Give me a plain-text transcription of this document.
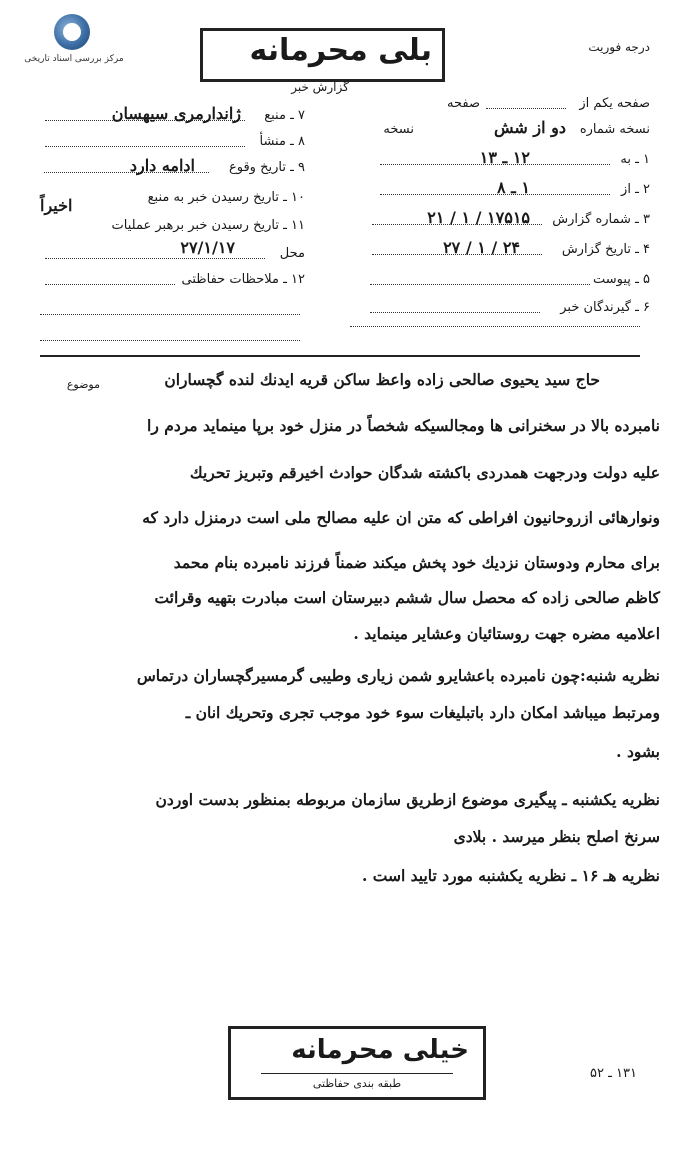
مرکز بررسی اسناد تاریخی	بلی محرمانه
گزارش خبر
درجه فوریت
صفحه یکم از
صفحه
نسخه شماره
دو از شش
نسخه
۱ ـ به
۱۲ ـ ۱۳
۲ ـ از
۱ ـ ۸
۳ ـ شماره گزارش
۱۷۵۱۵ / ۱ / ۲۱
۴ ـ تاریخ گزارش
۲۴ / ۱ / ۲۷
۵ ـ پیوست
۶ ـ گیرندگان خبر
۷ ـ منبع
ژاندارمری سیهسان
۸ ـ منشأ
۹ ـ تاریخ وقوع
ادامه دارد
۱۰ ـ تاریخ رسیدن خبر به منبع
اخیراً
۱۱ ـ تاریخ رسیدن خبر برهبر عملیات
محل
۲۷/۱/۱۷
۱۲ ـ ملاحظات حفاظتی
موضوع	حاج سید یحیوی صالحی زاده واعظ ساکن قریه ایدنك لنده گچساران
نامبرده بالا در سخنرانی ها ومجالسیکه شخصاً در منزل خود برپا مینماید مردم را
علیه دولت ودرجهت همدردی باکشته شدگان حوادث اخیرقم وتبریز تحریك
ونوارهائی ازروحانیون افراطی که متن ان علیه مصالح ملی است درمنزل دارد که
برای محارم ودوستان نزدیك خود پخش میکند ضمناً فرزند نامبرده بنام محمد
کاظم صالحی زاده که محصل سال ششم دبیرستان است مبادرت بتهیه وقرائت
اعلامیه مضره جهت روستائیان وعشایر مینماید .
نظریه شنبه:چون نامبرده باعشایرو شمن زیاری وطیبی گرمسیرگچساران درتماس
ومرتبط میباشد امکان دارد باتبلیغات سوء خود موجب تجری وتحریك انان ـ
بشود .
نظریه یکشنبه ـ پیگیری موضوع ازطریق سازمان مربوطه بمنظور بدست اوردن
سرنخ اصلح بنظر میرسد . بلادی
نظریه هـ ۱۶ ـ نظریه یکشنبه مورد تایید است .
خیلی محرمانه
طبقه بندی حفاظتی
۱۳۱ ـ ۵۲
